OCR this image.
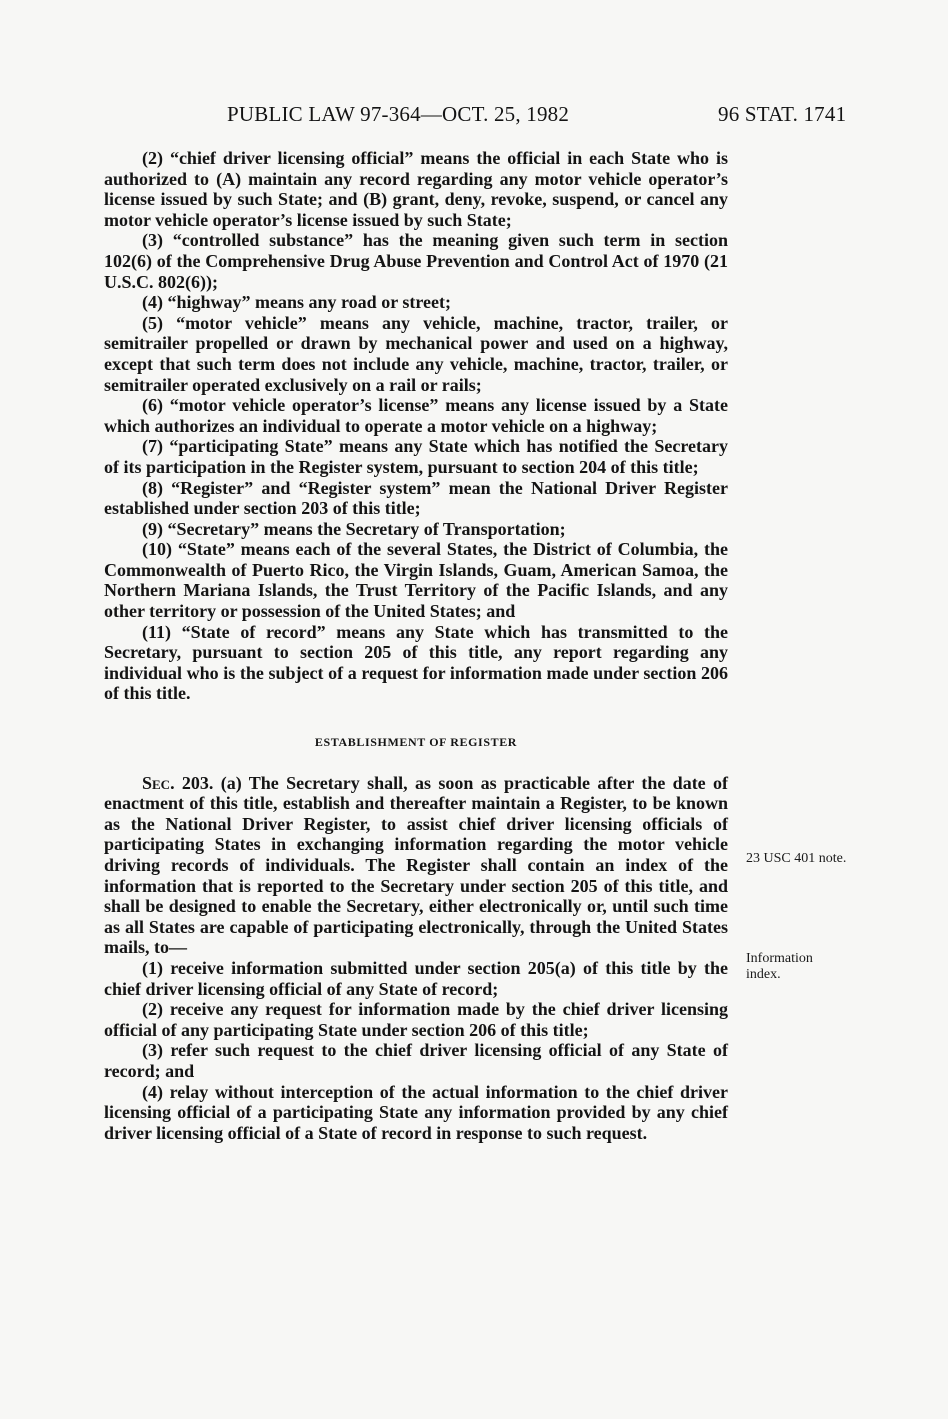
PUBLIC LAW 97-364—OCT. 25, 1982	96 STAT. 1741

(2) “chief driver licensing official” means the official in each State who is authorized to (A) maintain any record regarding any motor vehicle operator’s license issued by such State; and (B) grant, deny, revoke, suspend, or cancel any motor vehicle operator’s license issued by such State;

(3) “controlled substance” has the meaning given such term in section 102(6) of the Comprehensive Drug Abuse Prevention and Control Act of 1970 (21 U.S.C. 802(6));

(4) “highway” means any road or street;

(5) “motor vehicle” means any vehicle, machine, tractor, trailer, or semitrailer propelled or drawn by mechanical power and used on a highway, except that such term does not include any vehicle, machine, tractor, trailer, or semitrailer operated exclusively on a rail or rails;

(6) “motor vehicle operator’s license” means any license issued by a State which authorizes an individual to operate a motor vehicle on a highway;

(7) “participating State” means any State which has notified the Secretary of its participation in the Register system, pursuant to section 204 of this title;

(8) “Register” and “Register system” mean the National Driver Register established under section 203 of this title;

(9) “Secretary” means the Secretary of Transportation;

(10) “State” means each of the several States, the District of Columbia, the Commonwealth of Puerto Rico, the Virgin Islands, Guam, American Samoa, the Northern Mariana Islands, the Trust Territory of the Pacific Islands, and any other territory or possession of the United States; and

(11) “State of record” means any State which has transmitted to the Secretary, pursuant to section 205 of this title, any report regarding any individual who is the subject of a request for information made under section 206 of this title.

ESTABLISHMENT OF REGISTER

Sec. 203. (a) The Secretary shall, as soon as practicable after the date of enactment of this title, establish and thereafter maintain a Register, to be known as the National Driver Register, to assist chief driver licensing officials of participating States in exchanging information regarding the motor vehicle driving records of individuals. The Register shall contain an index of the information that is reported to the Secretary under section 205 of this title, and shall be designed to enable the Secretary, either electronically or, until such time as all States are capable of participating electronically, through the United States mails, to—

(1) receive information submitted under section 205(a) of this title by the chief driver licensing official of any State of record;

(2) receive any request for information made by the chief driver licensing official of any participating State under section 206 of this title;

(3) refer such request to the chief driver licensing official of any State of record; and

(4) relay without interception of the actual information to the chief driver licensing official of a participating State any information provided by any chief driver licensing official of a State of record in response to such request.

23 USC 401 note.
Information
index.
